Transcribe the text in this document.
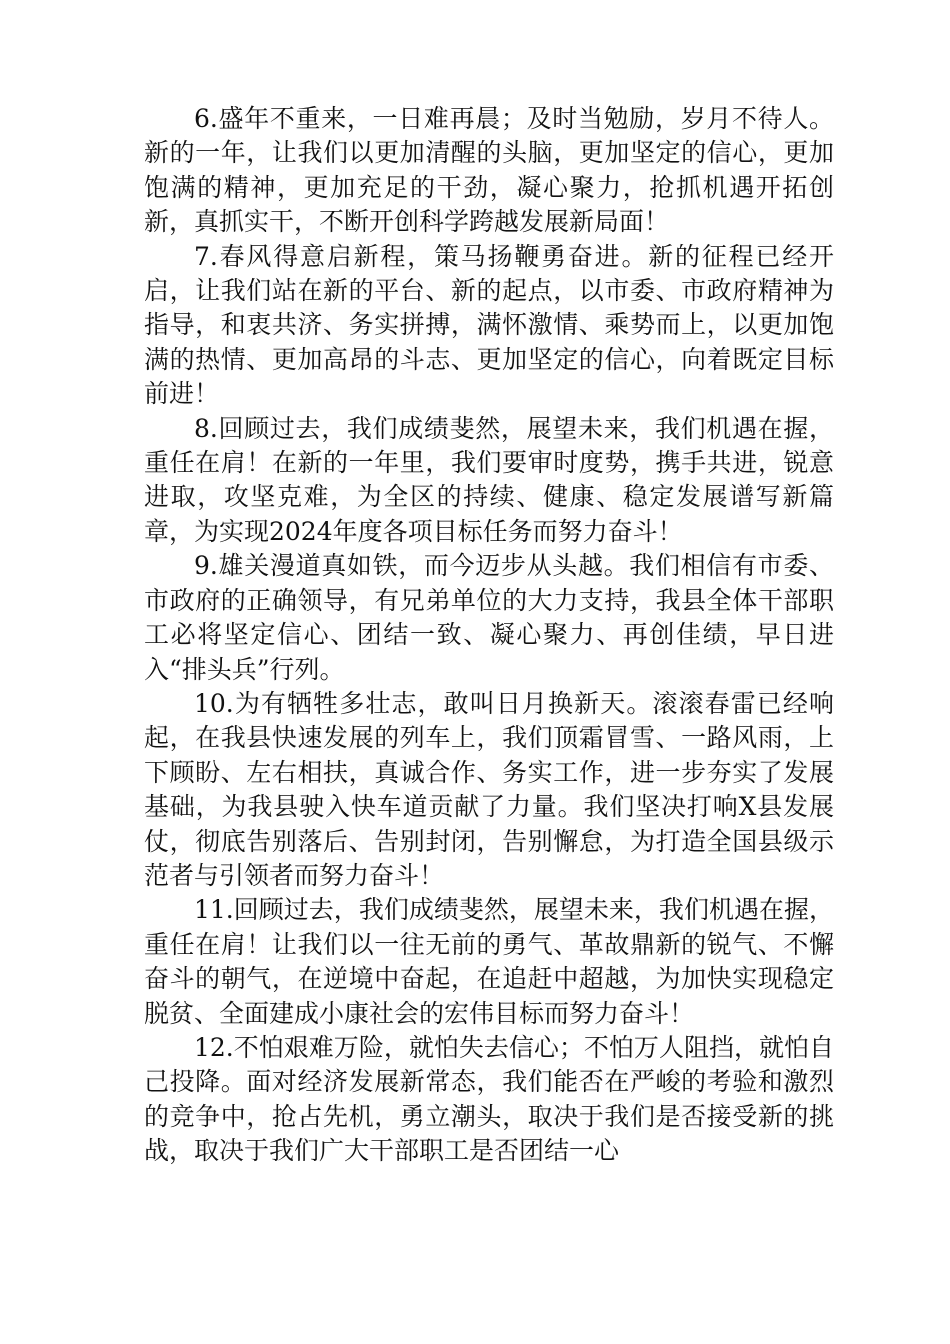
6.盛年不重来，一日难再晨；及时当勉励，岁月不待人。新的一年，让我们以更加清醒的头脑，更加坚定的信心，更加饱满的精神，更加充足的干劲，凝心聚力，抢抓机遇开拓创新，真抓实干，不断开创科学跨越发展新局面！

7.春风得意启新程，策马扬鞭勇奋进。新的征程已经开启，让我们站在新的平台、新的起点，以市委、市政府精神为指导，和衷共济、务实拼搏，满怀激情、乘势而上，以更加饱满的热情、更加高昂的斗志、更加坚定的信心，向着既定目标前进！

8.回顾过去，我们成绩斐然，展望未来，我们机遇在握，重任在肩！在新的一年里，我们要审时度势，携手共进，锐意进取，攻坚克难，为全区的持续、健康、稳定发展谱写新篇章，为实现2024年度各项目标任务而努力奋斗！

9.雄关漫道真如铁，而今迈步从头越。我们相信有市委、市政府的正确领导，有兄弟单位的大力支持，我县全体干部职工必将坚定信心、团结一致、凝心聚力、再创佳绩，早日进入“排头兵”行列。

10.为有牺牲多壮志，敢叫日月换新天。滚滚春雷已经响起，在我县快速发展的列车上，我们顶霜冒雪、一路风雨，上下顾盼、左右相扶，真诚合作、务实工作，进一步夯实了发展基础，为我县驶入快车道贡献了力量。我们坚决打响X县发展仗，彻底告别落后、告别封闭，告别懈怠，为打造全国县级示范者与引领者而努力奋斗！

11.回顾过去，我们成绩斐然，展望未来，我们机遇在握，重任在肩！让我们以一往无前的勇气、革故鼎新的锐气、不懈奋斗的朝气，在逆境中奋起，在追赶中超越，为加快实现稳定脱贫、全面建成小康社会的宏伟目标而努力奋斗！

12.不怕艰难万险，就怕失去信心；不怕万人阻挡，就怕自己投降。面对经济发展新常态，我们能否在严峻的考验和激烈的竞争中，抢占先机，勇立潮头，取决于我们是否接受新的挑战，取决于我们广大干部职工是否团结一心
